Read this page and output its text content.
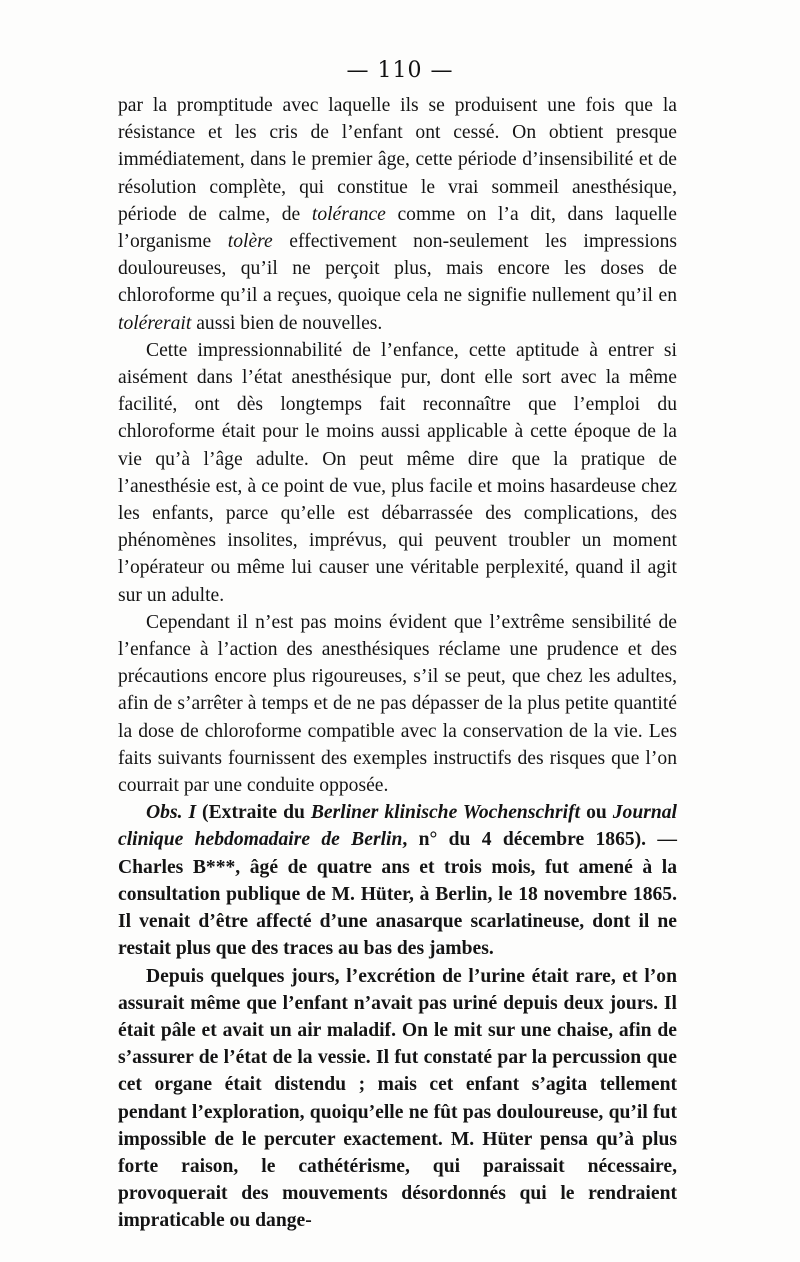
— 110 —

par la promptitude avec laquelle ils se produisent une fois que la résistance et les cris de l’enfant ont cessé. On obtient presque immédiatement, dans le premier âge, cette période d’insensibilité et de résolution complète, qui constitue le vrai sommeil anesthésique, période de calme, de tolérance comme on l’a dit, dans laquelle l’organisme tolère effectivement non-seulement les impressions douloureuses, qu’il ne perçoit plus, mais encore les doses de chloroforme qu’il a reçues, quoique cela ne signifie nullement qu’il en tolérerait aussi bien de nouvelles.

Cette impressionnabilité de l’enfance, cette aptitude à entrer si aisément dans l’état anesthésique pur, dont elle sort avec la même facilité, ont dès longtemps fait reconnaître que l’emploi du chloroforme était pour le moins aussi applicable à cette époque de la vie qu’à l’âge adulte. On peut même dire que la pratique de l’anesthésie est, à ce point de vue, plus facile et moins hasardeuse chez les enfants, parce qu’elle est débarrassée des complications, des phénomènes insolites, imprévus, qui peuvent troubler un moment l’opérateur ou même lui causer une véritable perplexité, quand il agit sur un adulte.

Cependant il n’est pas moins évident que l’extrême sensibilité de l’enfance à l’action des anesthésiques réclame une prudence et des précautions encore plus rigoureuses, s’il se peut, que chez les adultes, afin de s’arrêter à temps et de ne pas dépasser de la plus petite quantité la dose de chloroforme compatible avec la conservation de la vie. Les faits suivants fournissent des exemples instructifs des risques que l’on courrait par une conduite opposée.

Obs. I (Extraite du Berliner klinische Wochenschrift ou Journal clinique hebdomadaire de Berlin, n° du 4 décembre 1865). — Charles B***, âgé de quatre ans et trois mois, fut amené à la consultation publique de M. Hüter, à Berlin, le 18 novembre 1865. Il venait d’être affecté d’une anasarque scarlatineuse, dont il ne restait plus que des traces au bas des jambes.

Depuis quelques jours, l’excrétion de l’urine était rare, et l’on assurait même que l’enfant n’avait pas uriné depuis deux jours. Il était pâle et avait un air maladif. On le mit sur une chaise, afin de s’assurer de l’état de la vessie. Il fut constaté par la percussion que cet organe était distendu ; mais cet enfant s’agita tellement pendant l’exploration, quoiqu’elle ne fût pas douloureuse, qu’il fut impossible de le percuter exactement. M. Hüter pensa qu’à plus forte raison, le cathétérisme, qui paraissait nécessaire, provoquerait des mouvements désordonnés qui le rendraient impraticable ou dange-
